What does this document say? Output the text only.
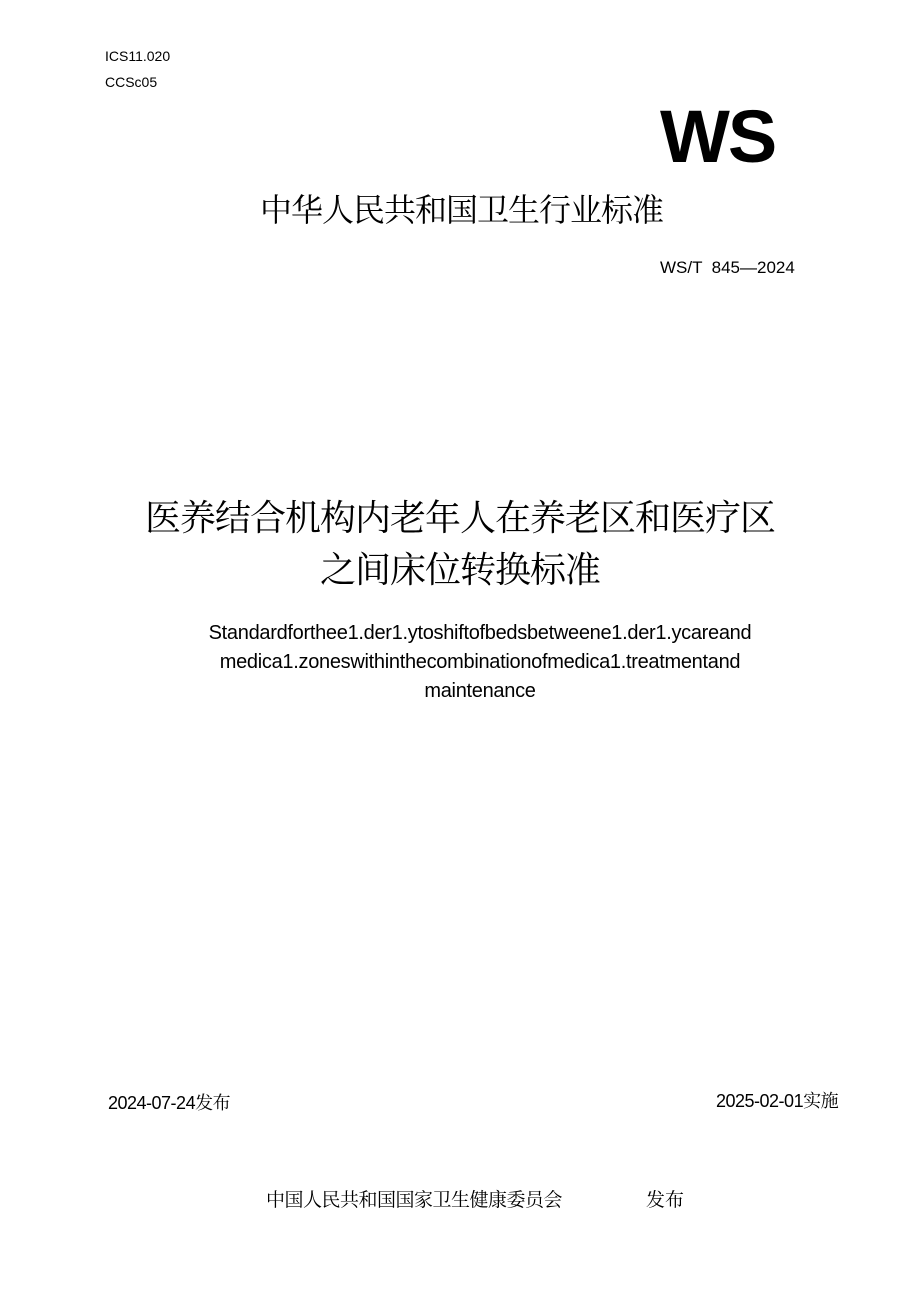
ICS11.020
CCSc05
WS
中华人民共和国卫生行业标准
WS/T  845—2024
医养结合机构内老年人在养老区和医疗区
之间床位转换标准
Standardforthee1.der1.ytoshiftofbedsbetweene1.der1.ycareand
medica1.zoneswithinthecombinationofmedica1.treatmentand
maintenance
2024-07-24发布	2025-02-01实施
中国人民共和国国家卫生健康委员会	发布
